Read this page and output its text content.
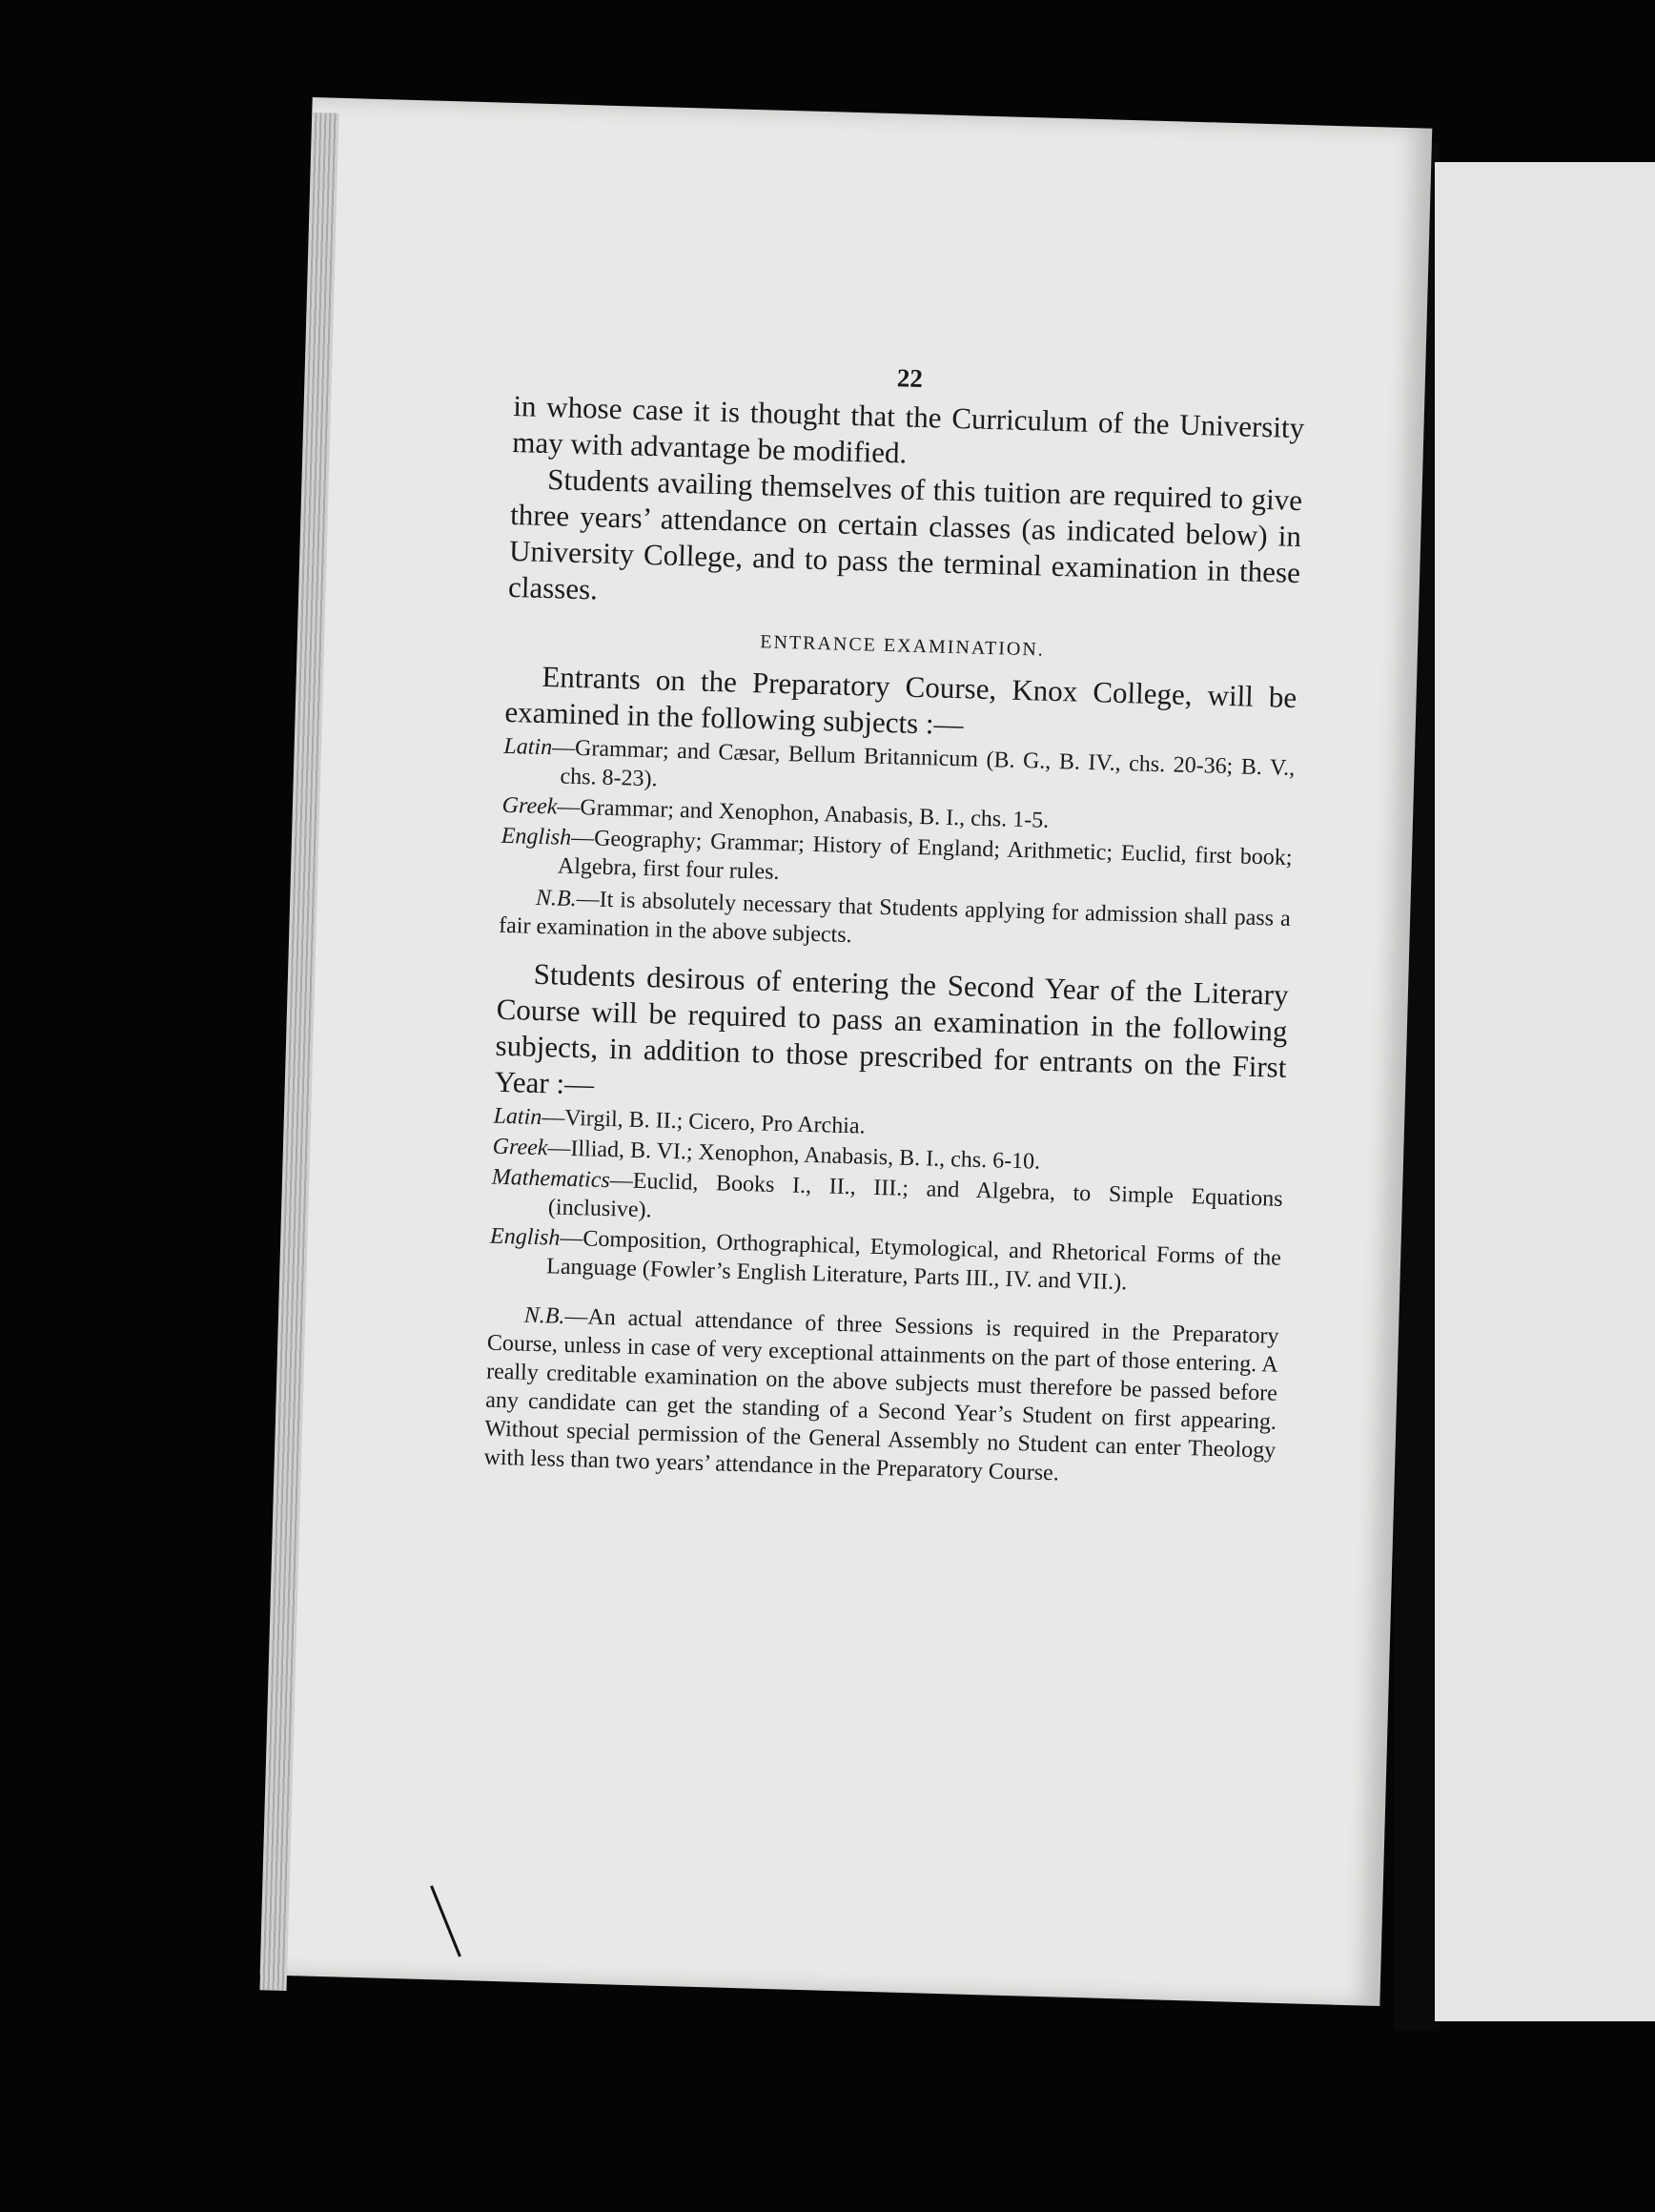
22

in whose case it is thought that the Curriculum of the University may with advantage be modified.

Students availing themselves of this tuition are required to give three years’ attendance on certain classes (as indicated below) in University College, and to pass the terminal examination in these classes.

ENTRANCE EXAMINATION.

Entrants on the Preparatory Course, Knox College, will be examined in the following subjects :—

Latin—Grammar; and Cæsar, Bellum Britannicum (B. G., B. IV., chs. 20-36; B. V., chs. 8-23).

Greek—Grammar; and Xenophon, Anabasis, B. I., chs. 1-5.

English—Geography; Grammar; History of England; Arithmetic; Euclid, first book; Algebra, first four rules.

N.B.—It is absolutely necessary that Students applying for admission shall pass a fair examination in the above subjects.

Students desirous of entering the Second Year of the Literary Course will be required to pass an examination in the following subjects, in addition to those prescribed for entrants on the First Year :—

Latin—Virgil, B. II.; Cicero, Pro Archia.

Greek—Illiad, B. VI.; Xenophon, Anabasis, B. I., chs. 6-10.

Mathematics—Euclid, Books I., II., III.; and Algebra, to Simple Equations (inclusive).

English—Composition, Orthographical, Etymological, and Rhetorical Forms of the Language (Fowler’s English Literature, Parts III., IV. and VII.).

N.B.—An actual attendance of three Sessions is required in the Preparatory Course, unless in case of very exceptional attainments on the part of those entering. A really creditable examination on the above subjects must therefore be passed before any candidate can get the standing of a Second Year’s Student on first appearing. Without special permission of the General Assembly no Student can enter Theology with less than two years’ attendance in the Preparatory Course.
